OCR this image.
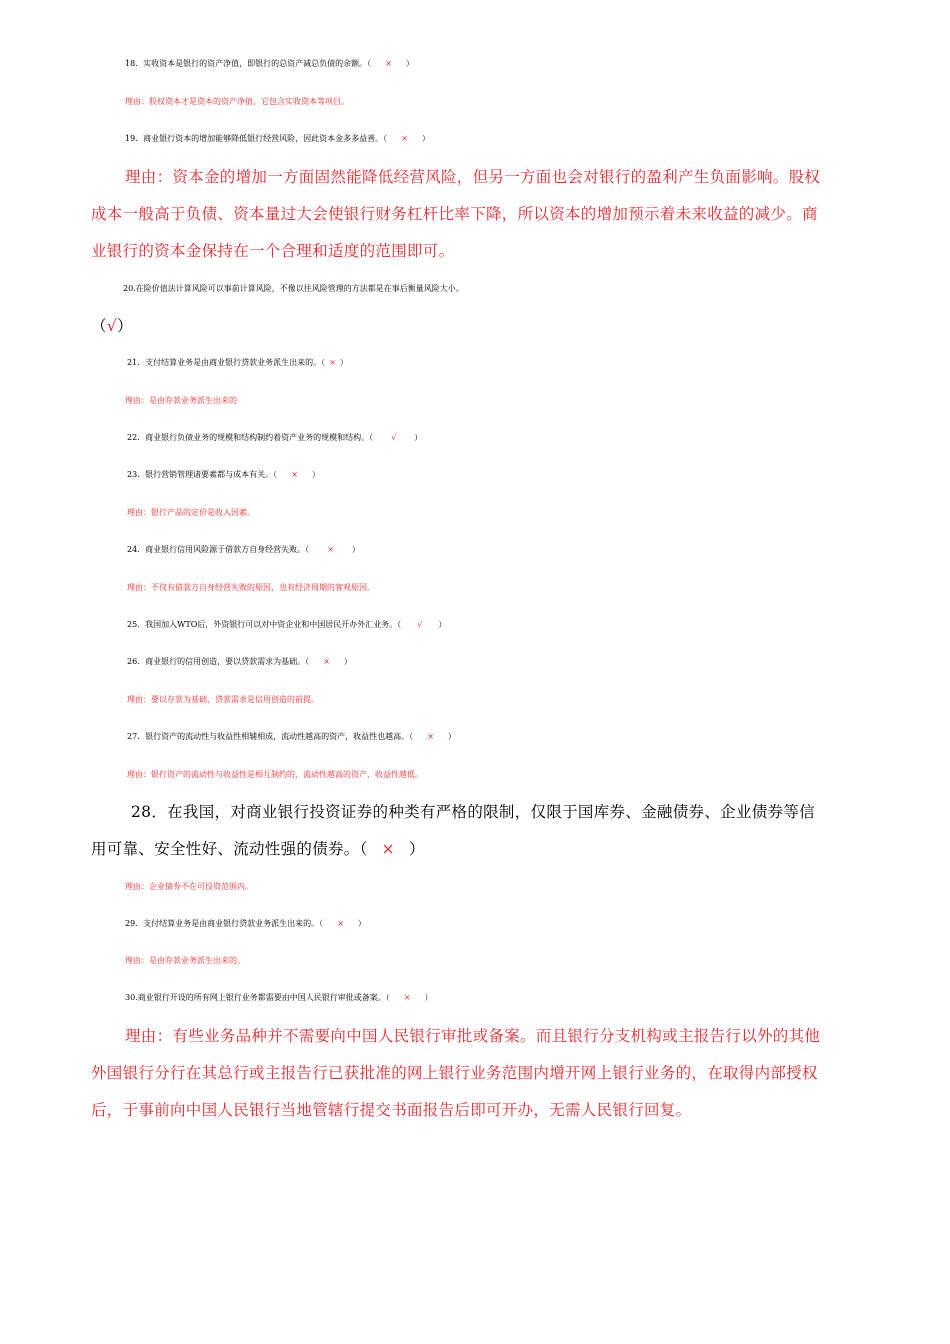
18．实收资本是银行的资产净值，即银行的总资产减总负债的余额。（ × ）
理由：股权资本才是资本的资产净值，它包含实收资本等项目。
19．商业银行资本的增加能够降低银行经营风险，因此资本金多多益善。（ × ）
理由：资本金的增加一方面固然能降低经营风险，但另一方面也会对银行的盈利产生负面影响。股权
成本一般高于负债、资本量过大会使银行财务杠杆比率下降，所以资本的增加预示着未来收益的减少。商
业银行的资本金保持在一个合理和适度的范围即可。
20.在险价值法计算风险可以事前计算风险，不像以往风险管理的方法都是在事后衡量风险大小。
（√）
21．支付结算业务是由商业银行贷款业务派生出来的。（ × ）
理由：是由存款业务派生出来的
22．商业银行负债业务的规模和结构制约着资产业务的规模和结构。（ √ ）
23．银行营销管理诸要素都与成本有关。（ × ）
理由：银行产品的定价是收入因素。
24．商业银行信用风险源于借款方自身经营失败。（ × ）
理由：不仅有借款方自身经营失败的原因，也有经济周期的客观原因。
25．我国加入WTO后，外资银行可以对中资企业和中国居民开办外汇业务。（ √ ）
26．商业银行的信用创造，要以贷款需求为基础。（ × ）
理由：要以存款为基础，贷款需求是信用创造的前提。
27．银行资产的流动性与收益性相辅相成，流动性越高的资产，收益性也越高。（ × ）
理由：银行资产的流动性与收益性是相互制约的，流动性越高的资产，收益性越低。
28．在我国，对商业银行投资证券的种类有严格的限制，仅限于国库券、金融债券、企业债券等信
用可靠、安全性好、流动性强的债券。（ × ）
理由：企业债券不在可投资范围内。
29．支付结算业务是由商业银行贷款业务派生出来的。（ × ）
理由：是由存款业务派生出来的。
30.商业银行开设的所有网上银行业务都需要由中国人民银行审批或备案。（ × ）
理由：有些业务品种并不需要向中国人民银行审批或备案。而且银行分支机构或主报告行以外的其他
外国银行分行在其总行或主报告行已获批准的网上银行业务范围内增开网上银行业务的，在取得内部授权
后，于事前向中国人民银行当地管辖行提交书面报告后即可开办，无需人民银行回复。
